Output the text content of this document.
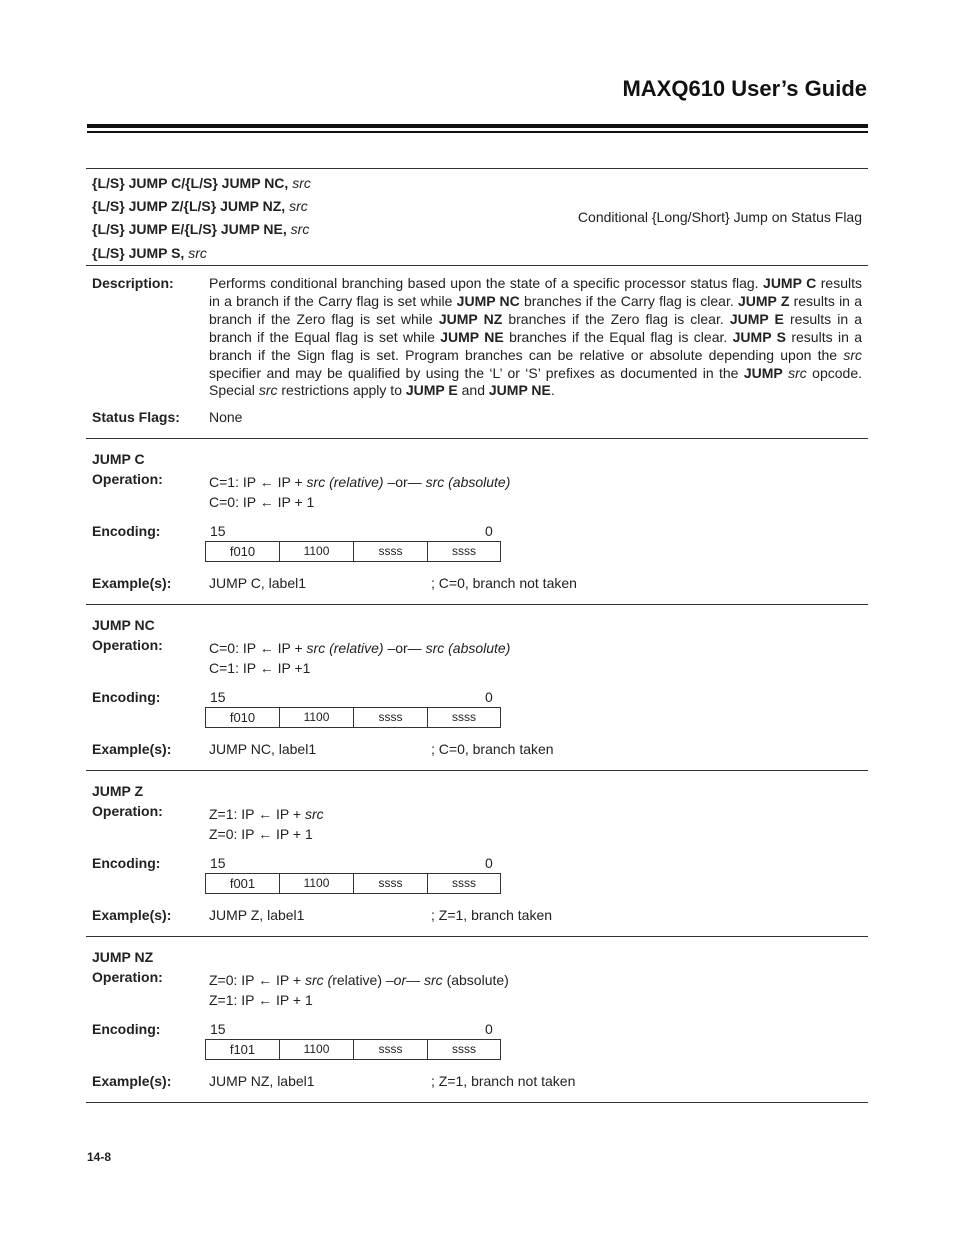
MAXQ610 User’s Guide
{L/S} JUMP C/{L/S} JUMP NC, src
{L/S} JUMP Z/{L/S} JUMP NZ, src
{L/S} JUMP E/{L/S} JUMP NE, src
{L/S} JUMP S, src
Conditional {Long/Short} Jump on Status Flag
Description:	Performs conditional branching based upon the state of a specific processor status flag. JUMP C results in a branch if the Carry flag is set while JUMP NC branches if the Carry flag is clear. JUMP Z results in a branch if the Zero flag is set while JUMP NZ branches if the Zero flag is clear. JUMP E results in a branch if the Equal flag is set while JUMP NE branches if the Equal flag is clear. JUMP S results in a branch if the Sign flag is set. Program branches can be relative or absolute depending upon the src specifier and may be qualified by using the ‘L’ or ‘S’ prefixes as documented in the JUMP src opcode. Special src restrictions apply to JUMP E and JUMP NE.
Status Flags: None
JUMP C
Operation:	C=1: IP ← IP + src (relative) –or— src (absolute)
C=0: IP ← IP + 1
Encoding:	15	0
f010	1100	ssss	ssss
Example(s):	JUMP C, label1	; C=0, branch not taken
JUMP NC
Operation:	C=0: IP ← IP + src (relative) –or— src (absolute)
C=1: IP ← IP +1
Encoding:	15	0
f010	1100	ssss	ssss
Example(s):	JUMP NC, label1	; C=0, branch taken
JUMP Z
Operation:	Z=1: IP ← IP + src
Z=0: IP ← IP + 1
Encoding:	15	0
f001	1100	ssss	ssss
Example(s):	JUMP Z, label1	; Z=1, branch taken
JUMP NZ
Operation:	Z=0: IP ← IP + src (relative) –or— src (absolute)
Z=1: IP ← IP + 1
Encoding:	15	0
f101	1100	ssss	ssss
Example(s):	JUMP NZ, label1	; Z=1, branch not taken
14-8
